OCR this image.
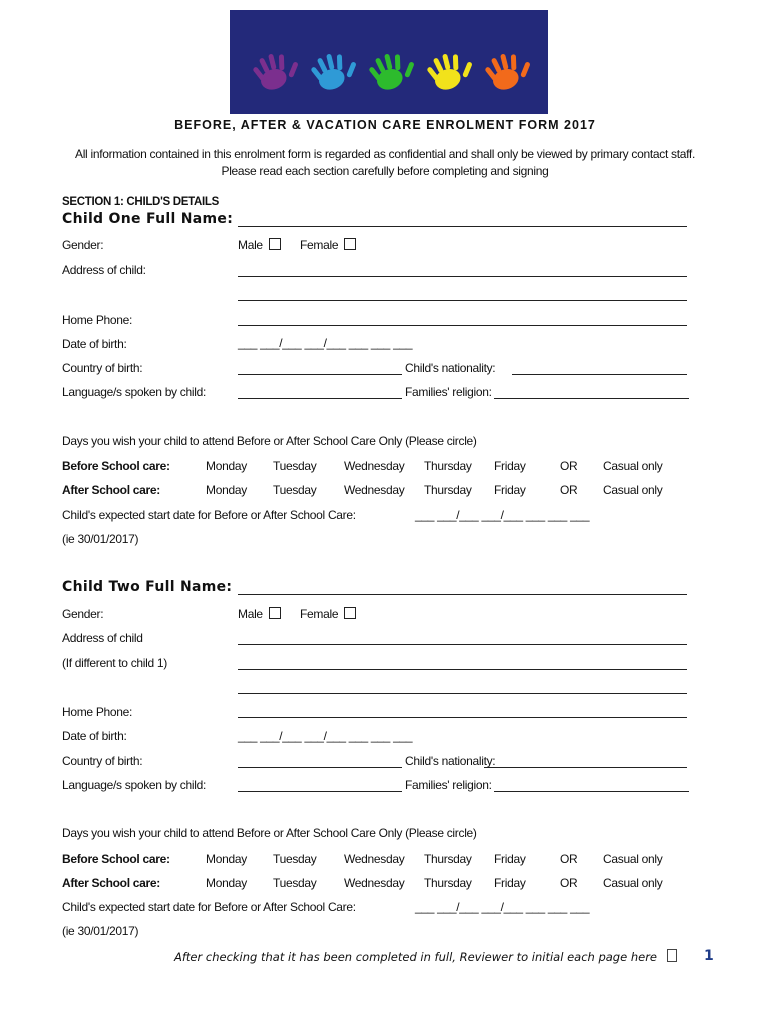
BEFORE, AFTER & VACATION CARE ENROLMENT FORM 2017
All information contained in this enrolment form is regarded as confidential and shall only be viewed by primary contact staff.
Please read each section carefully before completing and signing
SECTION 1: CHILD'S DETAILS
Child One Full Name:
Gender:	Male	Female
Address of child:
Home Phone:
Date of birth:	___ ___/___ ___/___ ___ ___ ___
Country of birth:	Child's nationality:
Language/s spoken by child:	Families' religion:
Days you wish your child to attend Before or After School Care Only (Please circle)
Before School care:	Monday Tuesday Wednesday Thursday Friday	OR Casual only
After School care:	Monday Tuesday Wednesday Thursday Friday	OR Casual only
Child's expected start date for Before or After School Care:	___ ___/___ ___/___ ___ ___ ___
(ie 30/01/2017)
Child Two Full Name:
Gender:	Male	Female
Address of child
(If different to child 1)
Home Phone:
Date of birth:	___ ___/___ ___/___ ___ ___ ___
Country of birth:	Child's nationality:
Language/s spoken by child:	Families' religion:
Days you wish your child to attend Before or After School Care Only (Please circle)
Before School care:	Monday Tuesday Wednesday Thursday Friday	OR Casual only
After School care:	Monday Tuesday Wednesday Thursday Friday	OR Casual only
Child's expected start date for Before or After School Care:	___ ___/___ ___/___ ___ ___ ___
(ie 30/01/2017)
After checking that it has been completed in full, Reviewer to initial each page here	1
